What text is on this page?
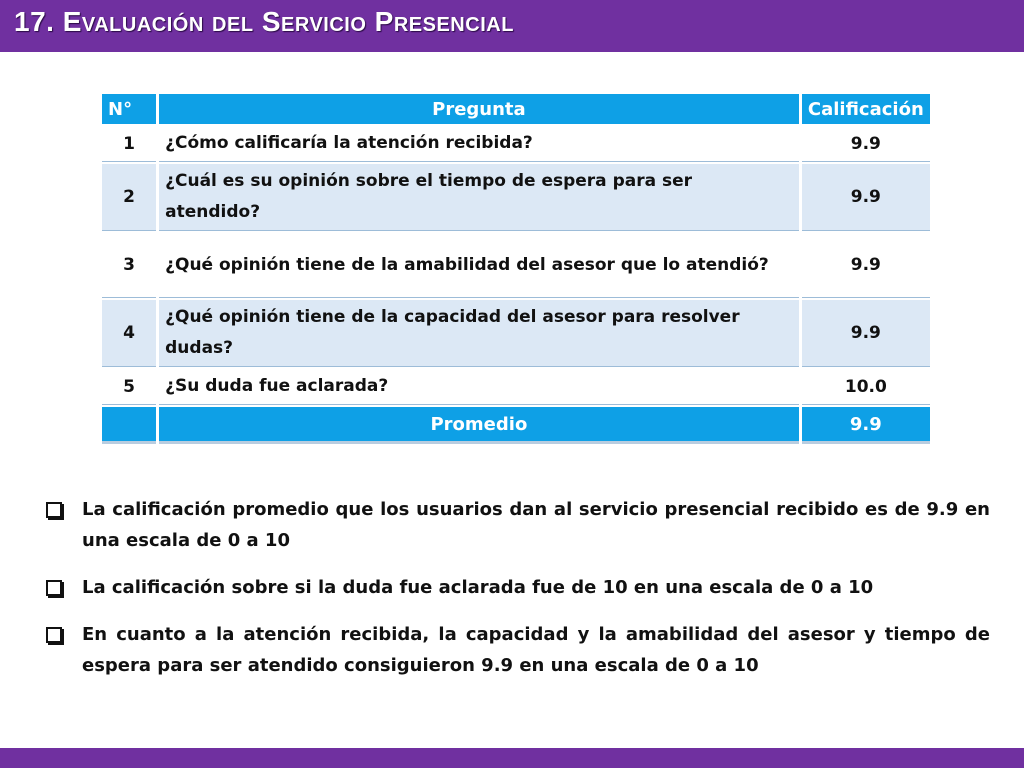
17. Evaluación del Servicio Presencial
N°	Pregunta	Calificación
1	¿Cómo calificaría la atención recibida?	9.9
2	¿Cuál es su opinión sobre el tiempo de espera para ser atendido?	9.9
3	¿Qué opinión tiene de la amabilidad del asesor que lo atendió?	9.9
4	¿Qué opinión tiene de la capacidad del asesor para resolver dudas?	9.9
5	¿Su duda fue aclarada?	10.0
	Promedio	9.9
La calificación promedio que los usuarios dan al servicio presencial recibido es de 9.9 en una escala de 0 a 10
La calificación sobre si la duda fue aclarada fue de 10 en una escala de 0 a 10
En cuanto a la atención recibida, la capacidad y la amabilidad del asesor y tiempo de espera para ser atendido consiguieron 9.9 en una escala de 0 a 10
